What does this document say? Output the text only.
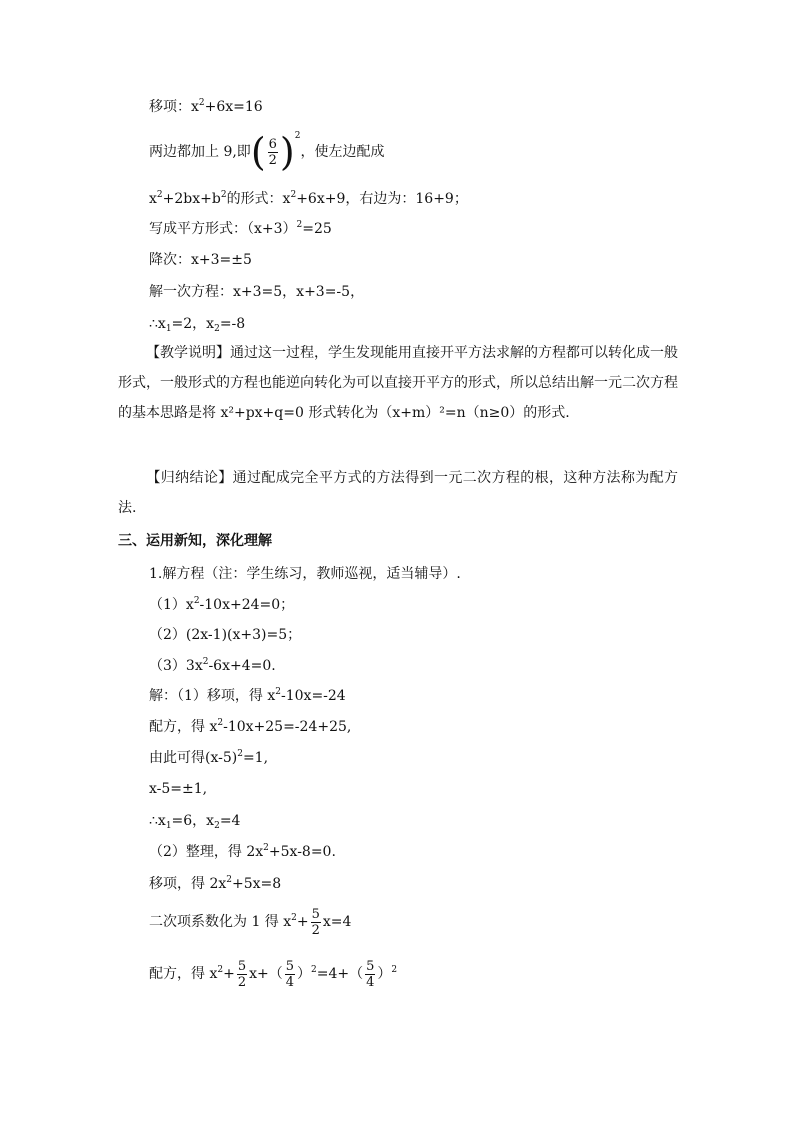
移项：$x^2+6x=16$
两边都加上 9,即( $\frac{6}{2} )^2$，使左边配成
$x^2+2bx+b^2$的形式：$x^2+6x+9$，右边为：16+9；
写成平方形式：$(x+3)^2=25$
降次：x+3=±5
解一次方程：x+3=5，x+3=-5，
$\therefore x_1=2$，$x_2=-8$
【教学说明】通过这一过程，学生发现能用直接开平方法求解的方程都可以转化成一般形式，一般形式的方程也能逆向转化为可以直接开平方的形式，所以总结出解一元二次方程的基本思路是将 x²+px+q=0 形式转化为（x+m）²=n（n≥0）的形式.
【归纳结论】通过配成完全平方式的方法得到一元二次方程的根，这种方法称为配方法.
三、运用新知，深化理解
1.解方程（注：学生练习，教师巡视，适当辅导）.
$(1)x^2-10x+24=0$；
（2）(2x-1)(x+3)=5；
$(3)3x^2-6x+4=0$.
解：（1）移项，得 $x^2-10x=-24$
配方，得 $x^2-10x+25=-24+25$,
由此可得$(x-5)^2=1$,
x-5=±1,
$\therefore x_1=6$，$x_2=4$
（2）整理，得 $2x^2+5x-8=0$.
移项，得 $2x^2+5x=8$
二次项系数化为 1 得 $x^2+ \frac{5}{2} x=4$
配方，得 $x^2+ \frac{5}{2} x+( \frac{5}{4} )^2=4+( \frac{5}{4} )^2$
